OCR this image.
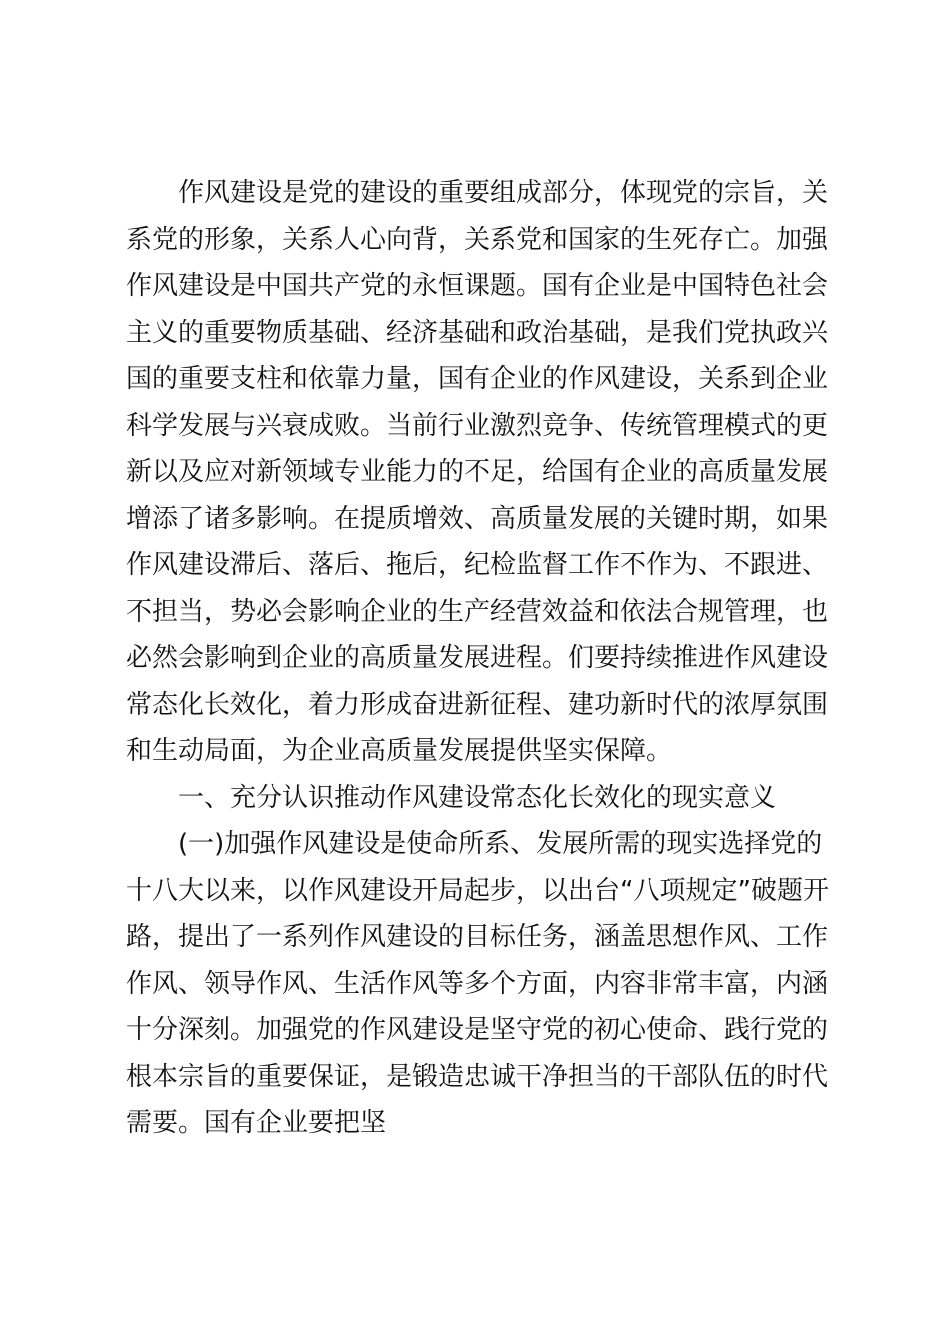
作风建设是党的建设的重要组成部分，体现党的宗旨，关
系党的形象，关系人心向背，关系党和国家的生死存亡。加强
作风建设是中国共产党的永恒课题。国有企业是中国特色社会
主义的重要物质基础、经济基础和政治基础，是我们党执政兴
国的重要支柱和依靠力量，国有企业的作风建设，关系到企业
科学发展与兴衰成败。当前行业激烈竞争、传统管理模式的更
新以及应对新领域专业能力的不足，给国有企业的高质量发展
增添了诸多影响。在提质增效、高质量发展的关键时期，如果
作风建设滞后、落后、拖后，纪检监督工作不作为、不跟进、
不担当，势必会影响企业的生产经营效益和依法合规管理，也
必然会影响到企业的高质量发展进程。们要持续推进作风建设
常态化长效化，着力形成奋进新征程、建功新时代的浓厚氛围
和生动局面，为企业高质量发展提供坚实保障。
一、充分认识推动作风建设常态化长效化的现实意义
(一)加强作风建设是使命所系、发展所需的现实选择党的
十八大以来，以作风建设开局起步，以出台“八项规定”破题开
路，提出了一系列作风建设的目标任务，涵盖思想作风、工作
作风、领导作风、生活作风等多个方面，内容非常丰富，内涵
十分深刻。加强党的作风建设是坚守党的初心使命、践行党的
根本宗旨的重要保证，是锻造忠诚干净担当的干部队伍的时代
需要。国有企业要把坚
